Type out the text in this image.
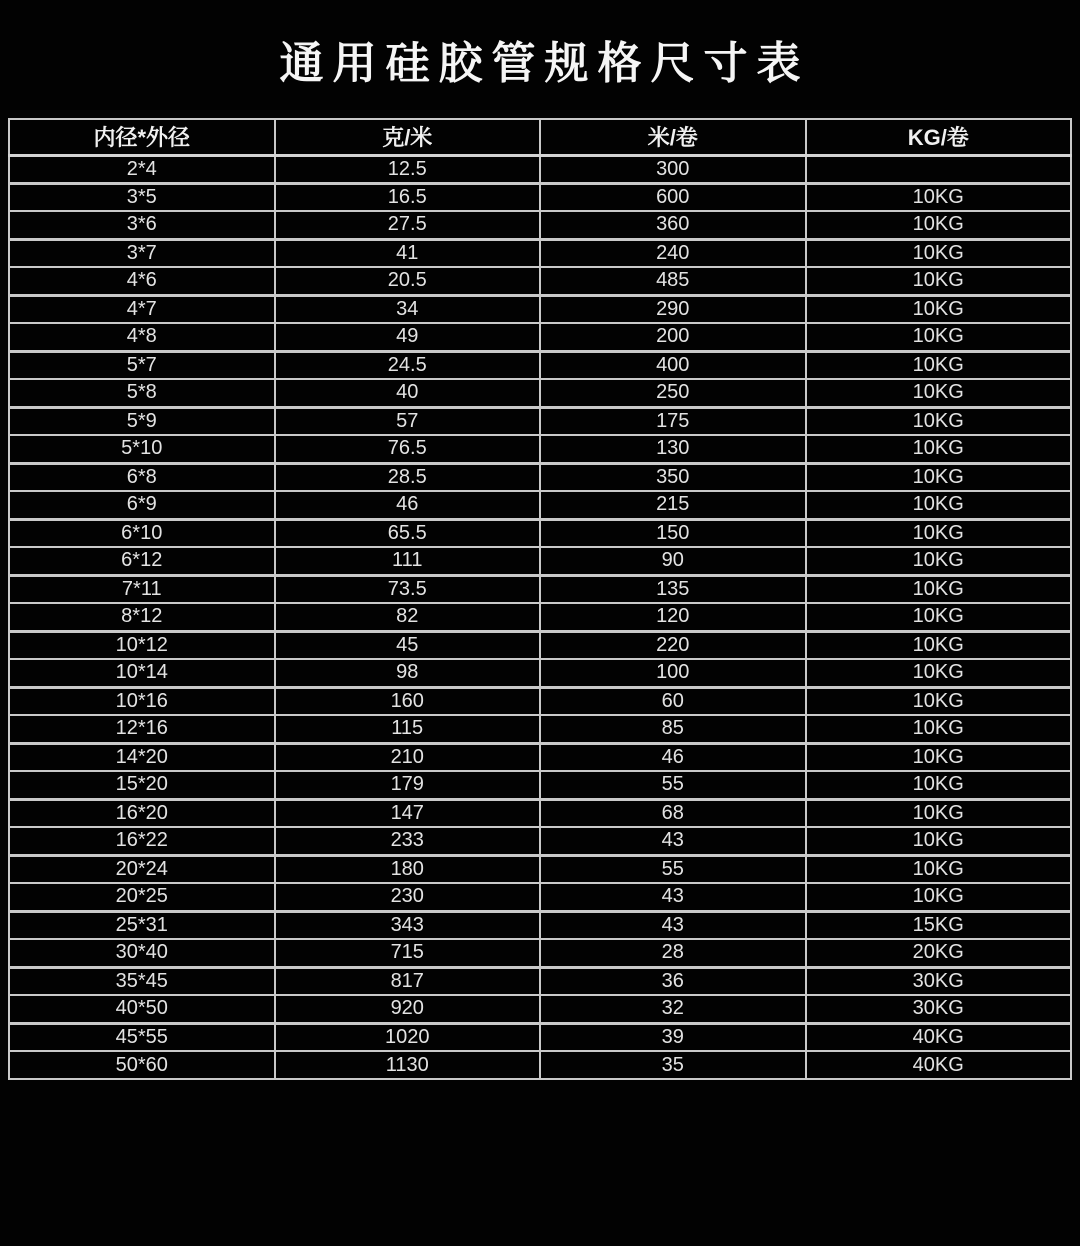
通用硅胶管规格尺寸表
内径*外径	克/米	米/卷	KG/卷
2*4	12.5	300	
3*5	16.5	600	10KG
3*6	27.5	360	10KG
3*7	41	240	10KG
4*6	20.5	485	10KG
4*7	34	290	10KG
4*8	49	200	10KG
5*7	24.5	400	10KG
5*8	40	250	10KG
5*9	57	175	10KG
5*10	76.5	130	10KG
6*8	28.5	350	10KG
6*9	46	215	10KG
6*10	65.5	150	10KG
6*12	111	90	10KG
7*11	73.5	135	10KG
8*12	82	120	10KG
10*12	45	220	10KG
10*14	98	100	10KG
10*16	160	60	10KG
12*16	115	85	10KG
14*20	210	46	10KG
15*20	179	55	10KG
16*20	147	68	10KG
16*22	233	43	10KG
20*24	180	55	10KG
20*25	230	43	10KG
25*31	343	43	15KG
30*40	715	28	20KG
35*45	817	36	30KG
40*50	920	32	30KG
45*55	1020	39	40KG
50*60	1130	35	40KG
